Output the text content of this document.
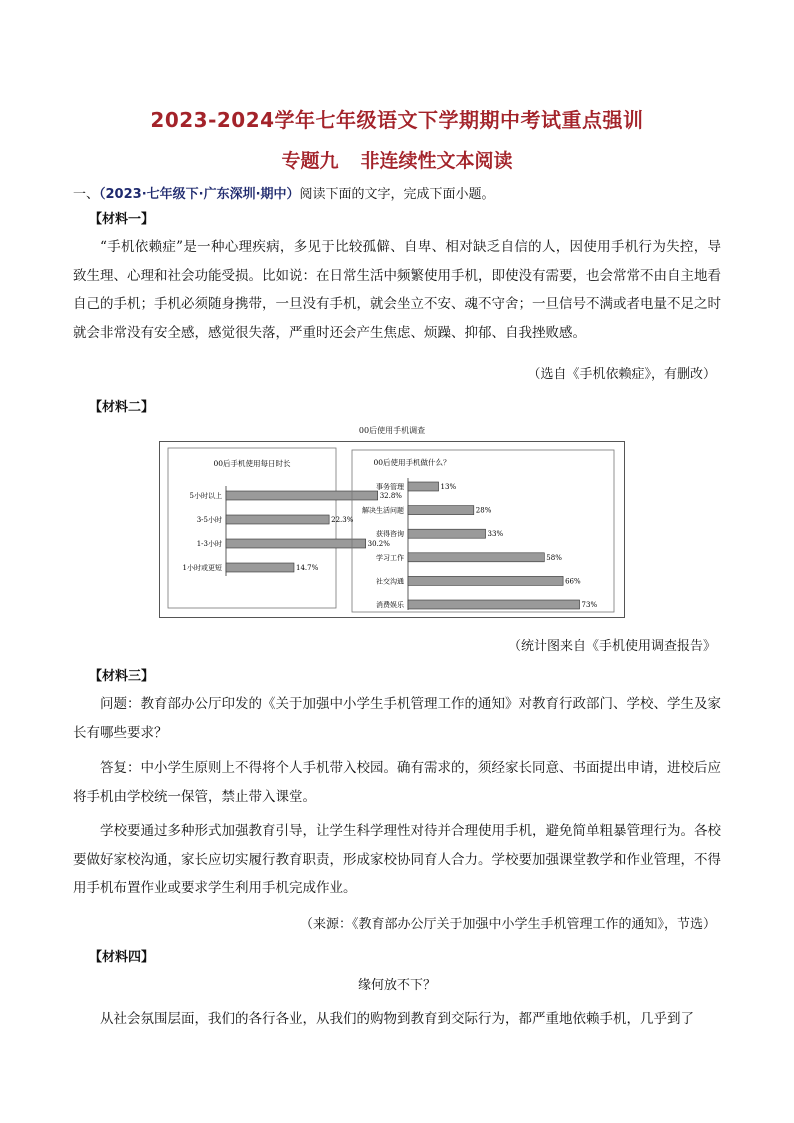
2023-2024学年七年级语文下学期期中考试重点强训
专题九 非连续性文本阅读
一、（2023·七年级下·广东深圳·期中）阅读下面的文字，完成下面小题。
【材料一】
“手机依赖症”是一种心理疾病，多见于比较孤僻、自卑、相对缺乏自信的人，因使用手机行为失控，导致生理、心理和社会功能受损。比如说：在日常生活中频繁使用手机，即使没有需要，也会常常不由自主地看自己的手机；手机必须随身携带，一旦没有手机，就会坐立不安、魂不守舍；一旦信号不满或者电量不足之时就会非常没有安全感，感觉很失落，严重时还会产生焦虑、烦躁、抑郁、自我挫败感。
（选自《手机依赖症》，有删改）
【材料二】
00后使用手机调查
00后手机使用每日时长
5小时以上	32.8%
3-5小时	22.3%
1-3小时	30.2%
1小时或更短	14.7%
00后使用手机做什么？
事务管理	13%
解决生活问题	28%
获得咨询	33%
学习工作	58%
社交沟通	66%
消费娱乐	73%
（统计图来自《手机使用调查报告》
【材料三】
问题：教育部办公厅印发的《关于加强中小学生手机管理工作的通知》对教育行政部门、学校、学生及家长有哪些要求？
答复：中小学生原则上不得将个人手机带入校园。确有需求的，须经家长同意、书面提出申请，进校后应将手机由学校统一保管，禁止带入课堂。
学校要通过多种形式加强教育引导，让学生科学理性对待并合理使用手机，避免简单粗暴管理行为。各校要做好家校沟通，家长应切实履行教育职责，形成家校协同育人合力。学校要加强课堂教学和作业管理，不得用手机布置作业或要求学生利用手机完成作业。
（来源：《教育部办公厅关于加强中小学生手机管理工作的通知》，节选）
【材料四】
缘何放不下？
从社会氛围层面，我们的各行各业，从我们的购物到教育到交际行为，都严重地依赖手机，几乎到了
